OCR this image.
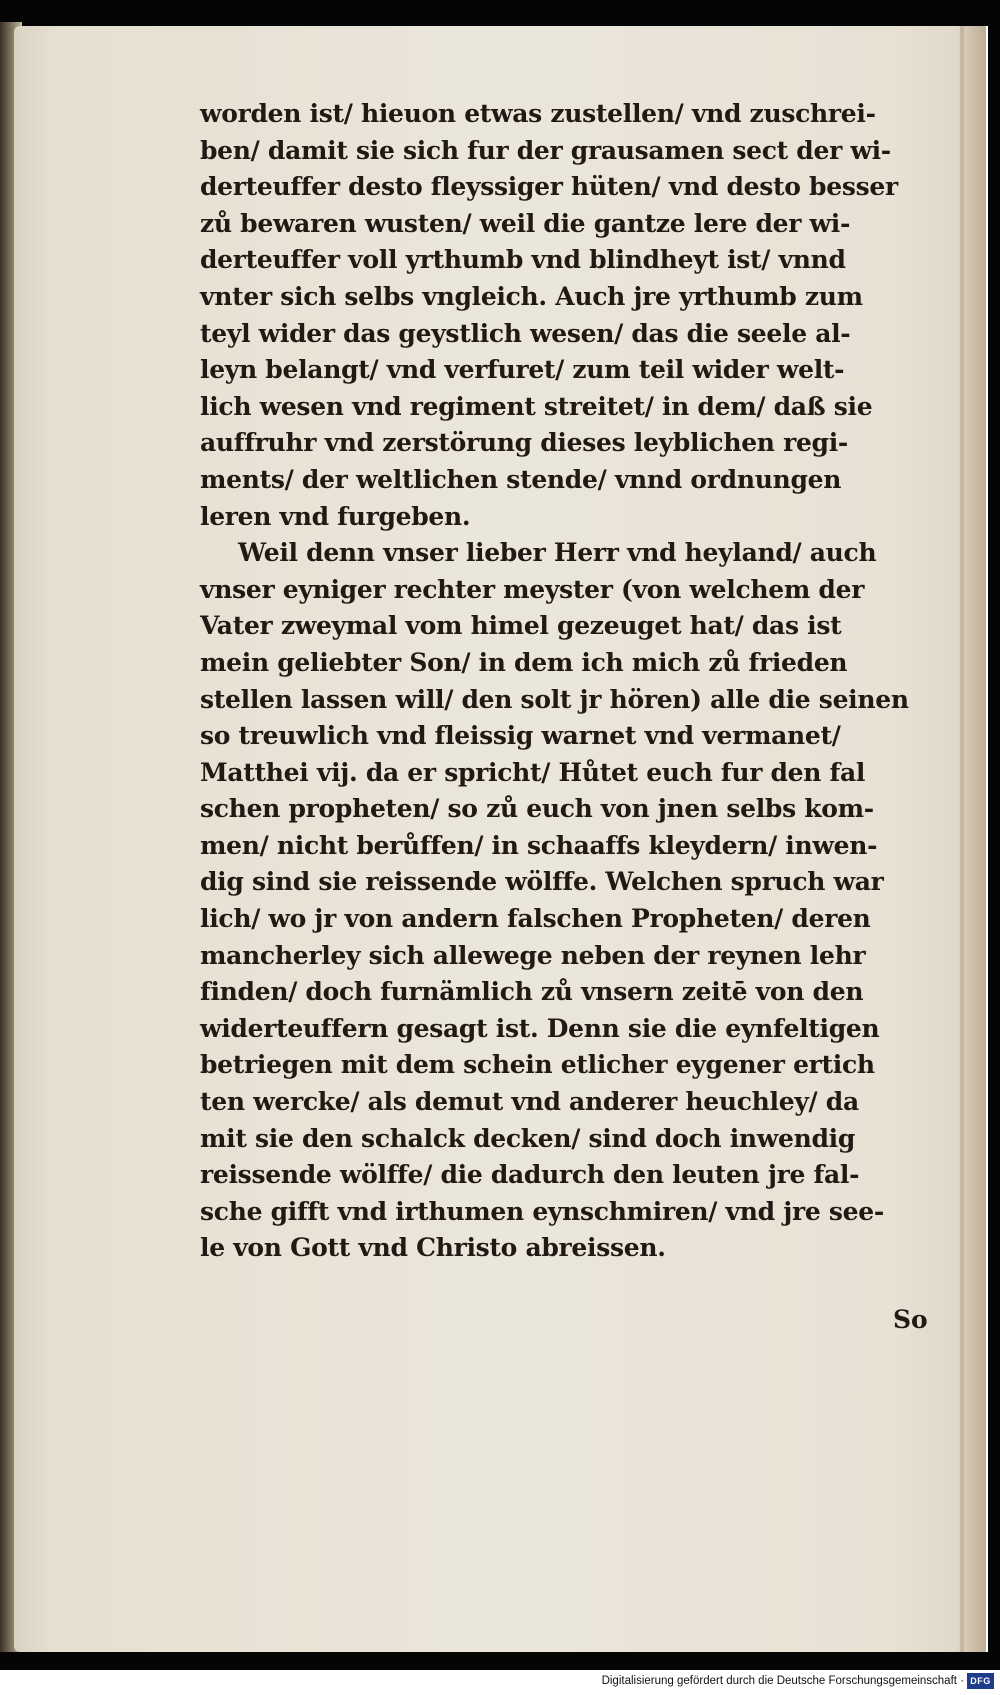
worden ist/ hieuon etwas zustellen/ vnd zuschrei-
ben/ damit sie sich fur der grausamen sect der wi-
derteuffer desto fleyssiger hüten/ vnd desto besser
zů bewaren wusten/ weil die gantze lere der wi-
derteuffer voll yrthumb vnd blindheyt ist/ vnnd
vnter sich selbs vngleich. Auch jre yrthumb zum
teyl wider das geystlich wesen/ das die seele al-
leyn belangt/ vnd verfuret/ zum teil wider welt-
lich wesen vnd regiment streitet/ in dem/ daß sie
auffruhr vnd zerstörung dieses leyblichen regi-
ments/ der weltlichen stende/ vnnd ordnungen
leren vnd furgeben.
Weil denn vnser lieber Herr vnd heyland/ auch
vnser eyniger rechter meyster (von welchem der
Vater zweymal vom himel gezeuget hat/ das ist
mein geliebter Son/ in dem ich mich zů frieden
stellen lassen will/ den solt jr hören) alle die seinen
so treuwlich vnd fleissig warnet vnd vermanet/
Matthei vij. da er spricht/ Hůtet euch fur den fal
schen propheten/ so zů euch von jnen selbs kom-
men/ nicht berůffen/ in schaaffs kleydern/ inwen-
dig sind sie reissende wölffe. Welchen spruch war
lich/ wo jr von andern falschen Propheten/ deren
mancherley sich allewege neben der reynen lehr
finden/ doch furnämlich zů vnsern zeitē von den
widerteuffern gesagt ist. Denn sie die eynfeltigen
betriegen mit dem schein etlicher eygener ertich
ten wercke/ als demut vnd anderer heuchley/ da
mit sie den schalck decken/ sind doch inwendig
reissende wölffe/ die dadurch den leuten jre fal-
sche gifft vnd irthumen eynschmiren/ vnd jre see-
le von Gott vnd Christo abreissen.
So
Digitalisierung gefördert durch die Deutsche Forschungsgemeinschaft · DFG
